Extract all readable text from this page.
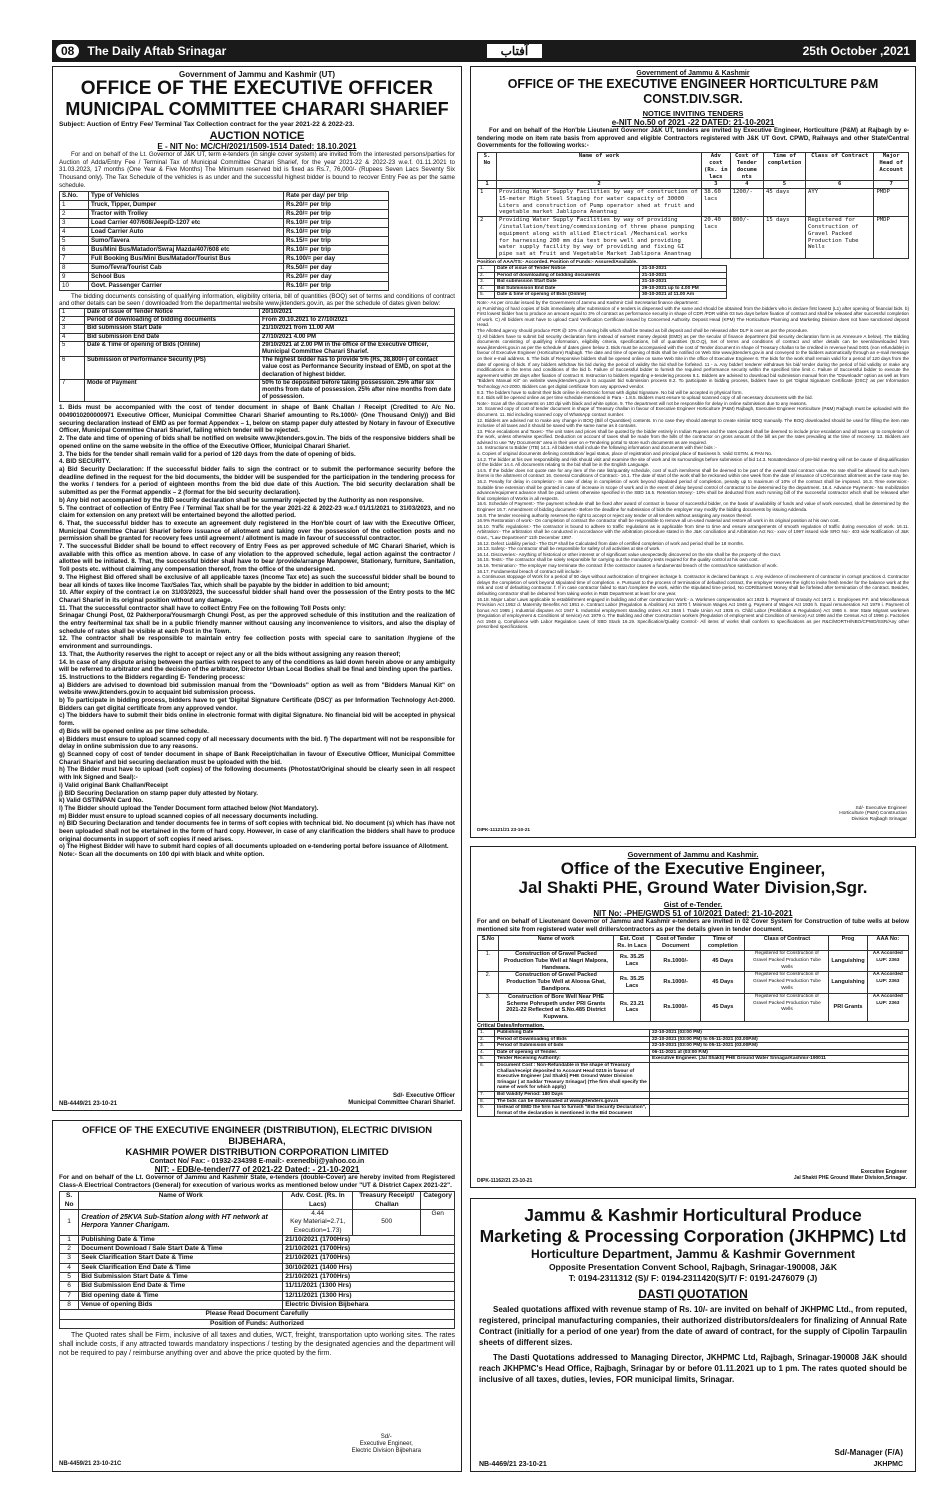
08	The Daily Aftab Srinagar	آفتاب	25th October ,2021
Government of Jammu and Kashmir (UT)
OFFICE OF THE EXECUTIVE OFFICER
MUNICIPAL COMMITTEE CHARARI SHARIEF
Subject: Auction of Entry Fee/ Terminal Tax Collection contract for the year 2021-22 & 2022-23.
AUCTION NOTICE
E - NIT No: MC/CH/2021/1509-1514 Dated: 18.10.2021

For and on behalf of the Lt. Governor of J&K UT, term e-tenders (in single cover system) are invited from the interested persons/parties for Auction of Adda/Entry Fee / Terminal Tax of Municipal Committee Charari Sharief, for the year 2021-22 & 2022-23 w.e.f. 01.11.2021 to 31.03.2023, 17 months (One Year & Five Months) The Minimum reserved bid is fixed as Rs.7, 76,000/- (Rupees Seven Lacs Seventy Six Thousand only). The Tax Schedule of the vehicles is as under and the successful highest bidder is bound to recover Entry Fee as per the same schedule.

S.No.	Type of Vehicles	Rate per day/ per trip
1	Truck, Tipper, Dumper	Rs.20/= per trip
2	Tractor with Trolley	Rs.20/= per trip
3	Load Carrier 407/608/Jeep/D-1207 etc	Rs.10/= per trip
4	Load Carrier Auto	Rs.10/= per trip
5	Sumo/Tavera	Rs.15/= per trip
6	Bus/Mini Bus/Matador/Swraj Mazda/407/608 etc	Rs.10/= per trip
7	Full Booking Bus/Mini Bus/Matador/Tourist Bus	Rs.100/= per day
8	Sumo/Tevra/Tourist Cab	Rs.50/= per day
9	School Bus	Rs.20/= per day
10	Govt. Passenger Carrier	Rs.10/= per trip

The bidding documents consisting of qualifying information, eligibility criteria, bill of quantities (BOQ) set of terms and conditions of contract and other details can be seen / downloaded from the departmental website www.jktenders.gov.in, as per the schedule of dates given below:

1	Date of issue of Tender Notice	20/10/2021
2	Period of downloading of bidding documents	From 20.10.2021 to 27/10/2021
3	Bid submission Start Date	21/10/2021 from 11.00 AM
4	Bid submission End Date	27/10/2021 4.00 PM
5	Date & Time of opening of Bids (Online)	29/10/2021 at 2.00 PM in the office of the Executive Officer, Municipal Committee Charari Sharief.
6	Submission of Performance Security (PS)	The highest bidder has to provide 5% (Rs, 38,800/-) of contact value cost as Performance Security instead of EMD, on spot at the declaration of highest bidder.
7	Mode of Payment	50% to be deposited before taking possession. 25% after six months from date of possession. 25% after nine months from date of possession.

1. Bids must be accompanied with the cost of tender document in shape of Bank Challan / Receipt (Credited to A/c No. 0049010200000971 Executive Officer, Municipal Committee Charari Sharief amounting to Rs.1000/- (One Thousand Only)) and Bid securing declaration instead of EMD as per format Appendex – 1, below on stamp paper duly attested by Notary in favour of Executive Officer, Municipal Committee Charari Sharief, failing which tender will be rejected.

2. The date and time of opening of bids shall be notified on website www.jktenders.gov.in. The bids of the responsive bidders shall be opened online on the same website in the office of the Executive Officer, Municipal Charari Sharief.

3. The bids for the tender shall remain valid for a period of 120 days from the date of opening of bids.

4. BID SECURITY.

a) Bid Security Declaration: If the successful bidder fails to sign the contract or to submit the performance security before the deadline defined in the request for the bid documents, the bidder will be suspended for the participation in the tendering process for the works / tenders for a period of eighteen months from the bid due date of this Auction. The bid security declaration shall be submitted as per the Format appendix – 2 (format for the bid security declaration).

b) Any bid not accompanied by the BID security declaration shall be summarily rejected by the Authority as non responsive.

5. The contract of collection of Entry Fee / Terminal Tax shall be for the year 2021-22 & 2022-23 w.e.f 01/11/2021 to 31/03/2023, and no claim for extension on any pretext will be entertained beyond the allotted period.

6. That, the successful bidder has to execute an agreement duly registered in the Hon'ble court of law with the Executive Officer, Municipal Committee Charari Sharief before issuance of allotment and taking over the possession of the collection posts and no permission shall be granted for recovery fees until agreement / allotment is made in favour of successful contractor.

7. The successful Bidder shall be bound to effect recovery of Entry Fees as per approved schedule of MC Charari Sharief, which is available with this office as mention above. In case of any violation to the approved schedule, legal action against the contractor / allottee will be initiated. 8. That, the successful bidder shall have to bear /provide/arrange Manpower, Stationary, furniture, Sanitation, Toll posts etc. without claiming any compensation thereof, from the office of the undersigned.

9. The Highest Bid offered shall be exclusive of all applicable taxes (Income Tax etc) as such the successful bidder shall be bound to bear all kinds of taxes like Income Tax/Sales Tax, which shall be payable by the bidder in addition to bid amount;

10. After expiry of the contract i.e on 31/03/2023, the successful bidder shall hand over the possession of the Entry posts to the MC Charari Sharief in its original position without any damage.

11. That the successful contractor shall have to collect Entry Fee on the following Toll Posts only:

Srinagar Chungi Post, 02 Pakherpora/Yousmargh Chungi Post, as per the approved schedule of this institution and the realization of the entry fee/terminal tax shall be in a public friendly manner without causing any inconvenience to visitors, and also the display of schedule of rates shall be visible at each Post in the Town.

12. The contractor shall be responsible to maintain entry fee collection posts with special care to sanitation /hygiene of the environment and surroundings.

13. That, the Authority reserves the right to accept or reject any or all the bids without assigning any reason thereof;

14. In case of any dispute arising between the parties with respect to any of the conditions as laid down herein above or any ambiguity will be referred to arbitrator and the decision of the arbitrator, Director Urban Local Bodies shall be final and binding upon the parties.

15. Instructions to the Bidders regarding E- Tendering process:

a) Bidders are advised to download bid submission manual from the "Downloads" option as well as from "Bidders Manual Kit" on website www.jktenders.gov.in to acquaint bid submission process.

b) To participate in bidding process, bidders have to get 'Digital Signature Certificate (DSC)' as per Information Technology Act-2000. Bidders can get digital certificate from any approved vendor.

c) The bidders have to submit their bids online in electronic format with digital Signature. No financial bid will be accepted in physical form.

d) Bids will be opened online as per time schedule.

e) Bidders must ensure to upload scanned copy of all necessary documents with the bid. f) The department will not be responsible for delay in online submission due to any reasons.

g) Scanned copy of cost of tender document in shape of Bank Receipt/challan in favour of Executive Officer, Municipal Committee Charari Sharief and bid securing declaration must be uploaded with the bid.

h) The Bidder must have to upload (soft copies) of the following documents (Photostat/Original should be clearly seen in all respect with Ink Signed and Seal):-

i) Valid original Bank Challan/Receipt

j) BID Securing Declaration on stamp paper duly attested by Notary.

k) Valid GSTIN/PAN Card No.

l) The Bidder should upload the Tender Document form attached below (Not Mandatory).

m) Bidder must ensure to upload scanned copies of all necessary documents including.

n) BID Securing Declaration and tender documents fee in terms of soft copies with technical bid. No document (s) which has /have not been uploaded shall not be etertained in the form of hard copy. However, in case of any clarification the bidders shall have to produce original documents in support of soft copies if need arises.

o) The Highest Bidder will have to submit hard copies of all documents uploaded on e-tendering portal before issuance of Allotment.

Note:- Scan all the documents on 100 dpi with black and white option.

NB-4449/21 23-10-21
Sd/- Executive Officer
Municipal Committee Charari Sharief.
OFFICE OF THE EXECUTIVE ENGINEER (DISTRIBUTION), ELECTRIC DIVISION BIJBEHARA,
KASHMIR POWER DISTRIBUTION CORPORATION LIMITED
Contact No/ Fax: - 01932-234398 E-mail:- exenedbij@yahoo.co.in
NIT: - EDB/e-tender/77 of 2021-22 Dated: - 21-10-2021

For and on behalf of the Lt. Governor of Jammu and Kashmir State, e-tenders (double-Cover) are hereby invited from Registered Class-A Electrical Contractors (General) for execution of various works as mentioned below under "UT & District Capex 2021-22".

S. No	Name of Work	Adv. Cost. (Rs. In Lacs)	Treasury Receipt/ Challan	Category
1	Creation of 25KVA Sub-Station along with HT network at Herpora Yanner Charigam.	4.44
Key Material=2.71,
Execution=1.73)	500	Gen
1	Publishing Date & Time	21/10/2021 (1700Hrs)		
2	Document Download / Sale Start Date & Time	21/10/2021 (1700Hrs)		
3	Seek Clarification Start Date & Time	21/10/2021 (1700Hrs)		
4	Seek Clarification End Date & Time	30/10/2021 (1400 Hrs)		
5	Bid Submission Start Date & Time	21/10/2021 (1700Hrs)		
6	Bid Submission End Date & Time	11/11/2021 (1300 Hrs)		
7	Bid opening date & Time	12/11/2021 (1300 Hrs)		
8	Venue of opening Bids	Electric Division Bijbehara		
Please Read Document Carefully				
Position of Funds: Authorized				

The Quoted rates shall be Firm, inclusive of all taxes and duties, WCT, freight, transportation upto working sites. The rates shall include costs, if any attracted towards mandatory inspections / testing by the designated agencies and the department will not be required to pay / reimburse anything over and above the price quoted by the firm.

Sd/-
Executive Engineer,
Electric Division Bijbehara
NB-4459/21 23-10-21C
Government of Jammu & Kashmir
OFFICE OF THE EXECUTIVE ENGINEER HORTICULTURE P&M CONST.DIV.SGR.
NOTICE INVITING TENDERS
e-NIT No.50 of 2021 -22 DATED: 21-10-2021

For and on behalf of the Hon'ble Lieutenant Governor J&K UT, tenders are invited by Executive Engineer, Horticulture (P&M) at Rajbagh by e-tendering mode on item rate basis from approved and eligible Contractors registered with J&K UT Govt. CPWD, Railways and other State/Central Governments for the following works:-

S. No	Name of work	Adv cost (Rs. in lacs	Cost of Tender docume nts	Time of completion	Class of Contract	Major Head of Account
1	2	3	4	5	6	7
1	Providing Water Supply Facilities by way of construction of 15-meter High Steel Staging for water capacity of 30000 Liters and construction of Pump operator shed at fruit and vegetable market Jablipora Anantnag	38.60 lacs	1200/-	45 days	AYY	PMDP
2	Providing Water Supply Facilities by way of providing /installation/testing/commissioning of three phase pumping equipment along with allied Electrical /Mechanical works for harnessing 200 mm dia test bore well and providing water supply facility by way of providing and fixing GI pipe sat at Fruit and Vegetable Market Jablipora Anantnag	20.40 lacs	800/-	15 days	Registered for Construction of Gravel Packed Production Tube Wells	PMDP
Position of AAA/TS:- Accorded. Position of Funds:- Assured/Available.
1.	Date of issue of Tender Notice	21-10-2021
2.	Period of downloading of bidding documents	21-10-2021
3.	Bid submission Start Date	21-10-2021
4.	Bid Submission End Date	29-10-2021 up to 4.00 PM
5.	Date & time of opening of Bids (Online)	30-10-2021 at 11.00 Am

Note:- As per circular issued by the Government of Jammu and Kashmir Civil Secretariat finance department:

a) Furnishing of hard copies of bids immediately after submission of e tenders is dispensed with the same and should be obtained from the bidders who is declare first lowest (L1) after opening of financial bids. b) First lowest bidder has to produce an amount equal to 3% of contract as performance security in shape of CDR /FDR within 03 two days before fixation of contract and shall be released after successful completion of work. C) All bidders must have to upload Card Verification Certificate issued by Concerned Authority. Deposit Head (KPM) The Horticulture Planning and Marketing Division does not have sanctioned deposit Head.

The Allotted agency should produce FDR @ 10% of running bills which shall be treated as bill deposit and shall be released after DLP is over as per the procedure.

1) All bidders have to submit bid security declaration form instead of earnest money deposit (EMD) as per the secular of finance department (bid security declaration form is as Annexure A below). The Bidding documents consisting of qualifying information, eligibility criteria, specifications, bill of quantities (B.O.Q), Set of terms and conditions of contract and other details can be seen/downloaded from www.jktenders.gov.in as per the schedule of dates given below 3. Bids must be accompanied with the cost of Tender document in shape of Treasury challan to be credited in revenue head 0401 (non refundable) in favour of Executive Engineer (Horticulture) Rajbagh. The date and time of opening of Bids shall be notified on Web Site www.jktenders.gov.in and conveyed to the bidders automatically through an e-mail message on their e-mail address. 5. The bids of Responsive bidders shall be opened online on same Web Site in the office of Executive Engineer 6. The bids for the work shall remain valid for a period of 120 days from the date of opening of bids. If any bidders withdraw his bid during the period of validity the bid shall be forfeited. 11 - a. Any bidder/ tenderer withdraws his bid/ tender during the period of bid validity or make any modifications in the terms and conditions of the bid b. Failure of Successful bidder to furnish the required performance security within the specified time limit c. Failure of Successful bidder to execute the agreement within 28 days after fixation of contract 8. Instruction to bidders regarding e-tendering process 8.1. Bidders are advised to download bid submission manual from the "Downloads" option as well as from "Bidders Manual Kit" on website www.jktenders.gov.in to acquaint bid submission process 8.2. To participate in bidding process, bidders have to get 'Digital Signature Certificate (DSC)' as per Information Technology Act-2000. Bidders can get digital certificate from any approved vendor.

8.3. The bidders have to submit their bids online in electronic format with digital Signature. No bid will be accepted in physical form.

8.4. Bids will be opened online as per time schedule mentioned in Para - 1.8.5. Bidders must ensure to upload scanned copy of all necessary documents with the bid.

Note:- Scan all the documents on 100 dpi with black and white option. 9. The department will not be responsible for delay in online submission due to any reasons.

10. Scanned copy of cost of tender document in shape of Treasury challan in favour of Executive Engineer Horticulture (P&M) Rajbagh, Executive Engineer Horticulture (P&M) Rajbagh must be uploaded with the document. 11. Bid including scanned copy of WhatsApp contact number.

12. Bidders are advised not to make any change in BOQ (Bill of Quantities) contents. In no case they should attempt to create similar BOQ manually. The BOQ downloaded should be used for filling the item rate inclusive of all taxes and it should be saved with the same name as it contains.

13. Price escalations and Taxes:- The unit rates and prices shall be quoted by the bidder entirely in Indian Rupees and the rates quoted shall be deemed to include price escalation and all taxes up to completion of the work, unless otherwise specified. Deduction on account of taxes shall be made from the bills of the contractor on gross amount of the bill as per the rates prevailing at the time of recovery. 13. Bidders are advised to use "My Documents" area in their user on e-Tendering portal to store such documents as are required.

14. Instructions to Bidder (ITB) 14.1. All bidders shall include the following information and documents with their bids :-

a. Copies of original documents defining constitution/ legal status, place of registration and principal place of Business b. Valid GSTIN. & PAN No.

14.2. The bidder at his own responsibility and risk should visit and examine the site of work and its surroundings before submission of bid 14.3. Nonattendance of pre-bid meeting will not be cause of disqualification of the bidder 14.4. All documents relating to the bid shall be in the English Language.

14.5. If the bidder does not quote rate for any item of the rate list/quantity schedule, cost of such item/items shall be deemed to be part of the overall total contract value. No rate shall be allowed for such item /items in the allotment of contract 16. General Conditions of Contract:- 16.1. The date of start of the work shall be reckoned within one week from the date of issuance of LOI/Contract allotment as the case may be. 16.2. Penalty for delay in completion:- In case of delay in completion of work beyond stipulated period of completion, penalty up to maximum of 10% of the contract shall be imposed. 16.3. Time extension:- Suitable time extension shall be granted in case of increase in scope of work and in the event of delay beyond control of contractor to be determined by the department. 16.4. Advance Payments:- No mobilization advance/equipment advance shall be paid unless otherwise specified in the SBD 16.5. Retention Money:- 10% shall be deducted from each running bill of the successful contractor which shall be released after final completion of Works in all respects.

16.6. Schedule of Payment:- The payment schedule shall be fixed after award of contract in favour of successful bidder, on the basis of availability of funds and value of work executed, shall be determined by the Engineer 16.7. Amendment of bidding document:- Before the deadline for submission of bids the employer may modify the bidding documents by issuing Addenda.

16.8. The tender receiving authority reserves the right to accept or reject any tender or all tenders without assigning any reason thereof.

16.9% Restoration of work:- On completion of contract the contractor shall be responsible to remove all un-used material and restore all work in its original position at his own cost.

16.10. Traffic regulations:- The contractor is bound to adhere to traffic regulations as is applicable from time to time and ensure arrangements of smooth regulation of traffic during execution of work. 16.11. Arbitration:- The arbitration shall be conducted in accordance with the arbitration procedure stated in the J&K conciliation and Arbitration Act No:- xxxv of 1997 issued vide SRO No:- 403 vide Notification of J&K Govt., "Law Department" 11th December 1997.

16.12. Defect Liability period:- The DLP shall be Calculated from date of certified completion of work and period shall be 18 months.

16.13. Safety:- The contractor shall be responsible for safety of all activities at site of work.

16.14. Discoveries:- Anything of historical or other interest or of significant value unexpectedly discovered on the site shall be the property of the Govt.

16.15. Tests:- The contractor shall be solely responsible for carrying out the mandatory tests required for the quality control at his own cost.

16.16. Termination:- The employer may terminate the contract if the contractor causes a fundamental breach of the contract/non satisfaction of work.

16.17. Fundamental breach of contract will include:-

a. Continuous stoppage of Work for a period of 50 days without authorization of Engineer incharge b. Contractor is declared bankrupt. c. Any evidence of involvement of contractor in corrupt practices d. Contractor delays the completion of work beyond stipulated time of completion. e. Pursuant to the process of termination of defaulted contract, the employer reserves the right to invite fresh tender for the balance work at the risk and cost of defaulting contractor. f. If in case contractor failed to start /complete the work, within the stipulated time period, No CDR/Earnest Money shall be forfeited after termination of the contract. Besides, defaulting contractor shall be debarred from taking works in R&B Department at least for one year.

16.18. Major Labor Laws applicable to establishment engaged in building and other construction Work:- a. Workmen compensation act 1923 b. Payment of Gratuity Act 1972 c. Employees P.F. and Miscellaneous Provision Act 1952 d. Maternity Benefits Act 1951 e. Contract Labor (Regulation & Abolition) Act 1970 f. Minimum Wages Act 1948 g. Payment of Wages Act 1936 h. Equal remuneration Act 1979 i. Payment of bonus Act 1965 j. Industrial disputes Act 1947 k. Industrial employment standing orders Act 1946 l. Trade Union Act 1926 m. Child Labor (Prohibition & Regulation) Act 1986 n. Inter State Migrant workmen (Regulation of employment & Conditions of service) Act 1979 o. The Building and other Construction workers (Regulation of employment and Condition of service) Act 1996 and the Census Act of 1996 p. Factories Act 1948 q. Compliance with Labor Regulation Laws of SBD Stack 16.19. Specification/Quality Control:- All items of works shall conform to specifications as per R&C/MORTH/NBO/CPWD/SSR/Any other prescribed specifications.

Sd/- Executive Engineer
Horticulture (P&M) Construction
Division Rajbagh Srinagar
DIPK-11121/21 23-10-21
Government of Jammu and Kashmir.
Office of the Executive Engineer,
Jal Shakti PHE, Ground Water Division,Sgr.
Gist of e-Tender.
NIT No: -PHE/GWDS 51 of 10/2021 Dated: 21-10-2021

For and on behalf of Lieutenant Governor of Jammu and Kashmir e-tenders are invited in 02 Cover System for Construction of tube wells at below mentioned site from registered water well drillers/contractors as per the details given in tender document.

S.No	Name of work	Est. Cost Rs. in Lacs	Cost of Tender Document	Time of completion	Class of Contract	Prog	AAA No:
1.	Construction of Gravel Packed Production Tube Well at Nagri Malpora, Handwara.	Rs. 35.25 Lacs	Rs.1000/-	45 Days	Registered for Construction of Gravel Packed Production Tube Wells	Languishing	AA Accorded LUP: 2363
2.	Construction of Gravel Packed Production Tube Well at Aloosa Ghat, Bandipora.	Rs. 35.25 Lacs	Rs.1000/-	45 Days	Registered for Construction of Gravel Packed Production Tube Wells	Languishing	AA Accorded LUP: 2363
3.	Construction of Bore Well Near PHE Scheme Pohrupeth under PRI Grants 2021-22 Reflected at S.No.485 District Kupwara.	Rs. 23.21 Lacs	Rs.1000/-	45 Days	Registered for Construction of Gravel Packed Production Tube Wells	PRI Grants	AA Accorded LUP: 2363
Critical Dates/Information.
1.	Publishing Date	22-10-2021 (03:00 PM)
2.	Period of Downloading of Bids	22-10-2021 (03:00 PM) to 05-11-2021 (03.00P.M)
3.	Period of Submission of bids	22-10-2021 (03:00 PM) to 05-11-2021 (03.00P.M)
4.	Date of opening of Tender.	06-11-2021 at (03:00 P.M)
5.	Tender Receiving Authority:	Executive Engineer. (Jal Shakti) PHE Ground Water SrinagarKashmir-190011
6.	Document Cost : Non-Refundable in the shape of Treasury Challan/receipt deposited to Account Head 0215 in favour of Executive Engineer (Jal Shakti) PHE Ground Water Division Srinagar ( at Saddar Treasury Srinagar) (The firm shall specify the name of work for which apply)	
7.	Bid Validity Period: 180 Days	
8.	The bids can be downloaded at www.jktenders.gov.in	
9.	Instead of EMD the firm has to furnish "Bid Security Declaration", format of the declaration is mentioned in the Bid Document	
Executive Engineer
Jal Shakti PHE Ground Water Division,Srinagar.
DIPK-11162/21 23-10-21
Jammu & Kashmir Horticultural Produce
Marketing & Processing Corporation (JKHPMC) Ltd
Horticulture Department, Jammu & Kashmir Government
Opposite Presentation Convent School, Rajbagh, Srinagar-190008, J&K
T: 0194-2311312 (S)/ F: 0194-2311420(S)/T/ F: 0191-2476079 (J)
DASTI QUOTATION

Sealed quotations affixed with revenue stamp of Rs. 10/- are invited on behalf of JKHPMC Ltd., from reputed, registered, principal manufacturing companies, their authorized distributors/dealers for finalizing of Annual Rate Contract (initially for a period of one year) from the date of award of contract, for the supply of Cipolin Tarpaulin sheets of different sizes.

The Dasti Quotations addressed to Managing Director, JKHPMC Ltd, Rajbagh, Srinagar-190008 J&K should reach JKHPMC's Head Office, Rajbagh, Srinagar by or before 01.11.2021 up to 1 pm. The rates quoted should be inclusive of all taxes, duties, levies, FOR municipal limits, Srinagar.

Sd/-Manager (F/A)
NB-4469/21 23-10-21	JKHPMC
